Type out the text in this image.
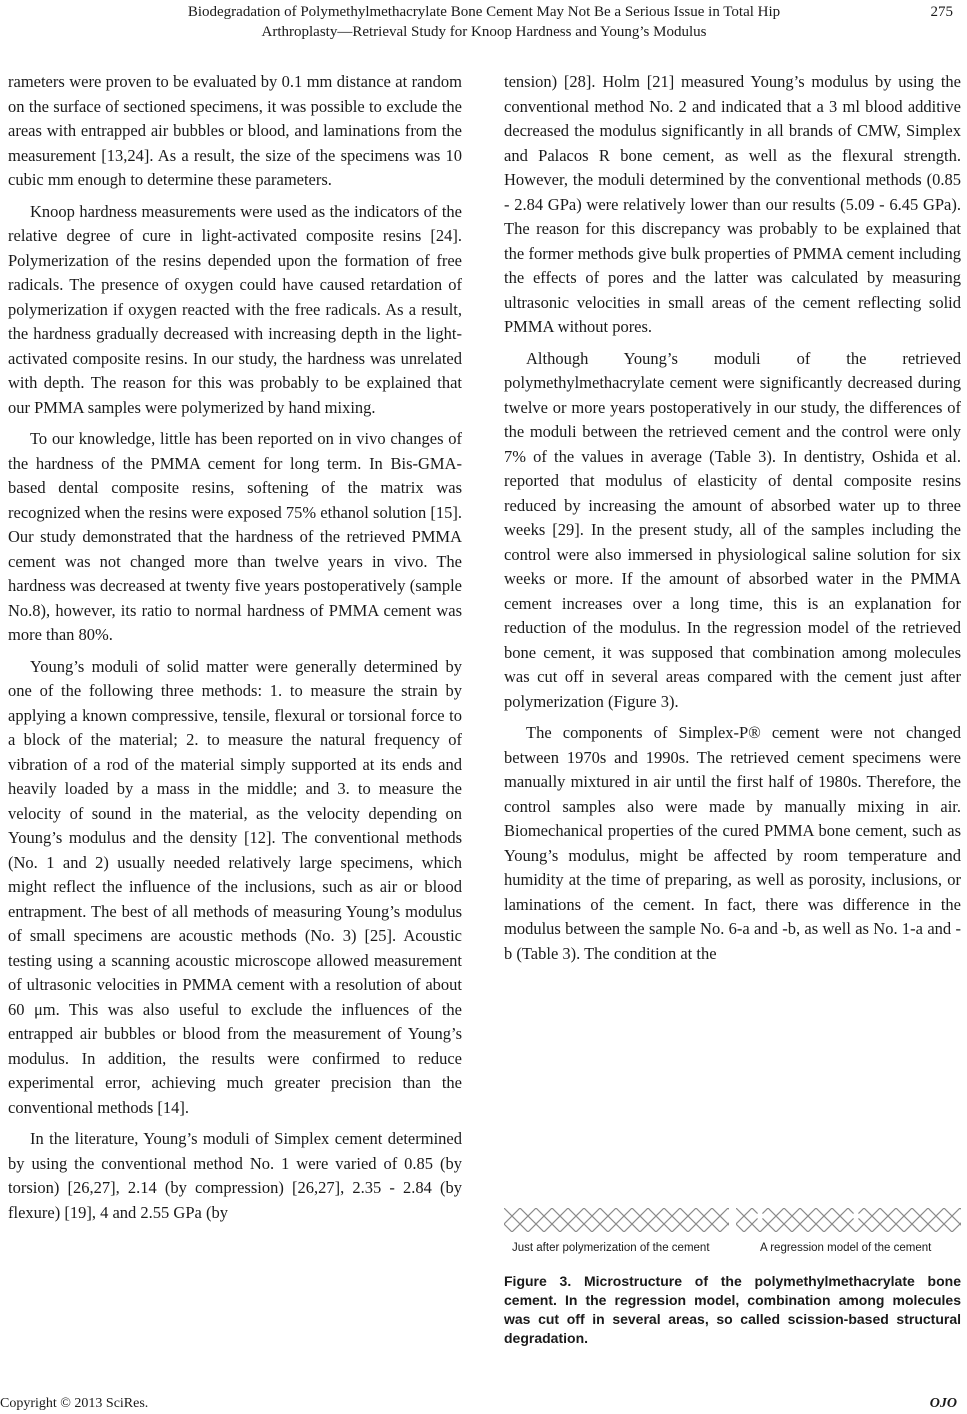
Biodegradation of Polymethylmethacrylate Bone Cement May Not Be a Serious Issue in Total Hip
Arthroplasty—Retrieval Study for Knoop Hardness and Young’s Modulus
275

rameters were proven to be evaluated by 0.1 mm distance at random on the surface of sectioned specimens, it was possible to exclude the areas with entrapped air bubbles or blood, and laminations from the measurement [13,24]. As a result, the size of the specimens was 10 cubic mm enough to determine these parameters.

Knoop hardness measurements were used as the indicators of the relative degree of cure in light-activated composite resins [24]. Polymerization of the resins depended upon the formation of free radicals. The presence of oxygen could have caused retardation of polymerization if oxygen reacted with the free radicals. As a result, the hardness gradually decreased with increasing depth in the light-activated composite resins. In our study, the hardness was unrelated with depth. The reason for this was probably to be explained that our PMMA samples were polymerized by hand mixing.

To our knowledge, little has been reported on in vivo changes of the hardness of the PMMA cement for long term. In Bis-GMA-based dental composite resins, softening of the matrix was recognized when the resins were exposed 75% ethanol solution [15]. Our study demonstrated that the hardness of the retrieved PMMA cement was not changed more than twelve years in vivo. The hardness was decreased at twenty five years postoperatively (sample No.8), however, its ratio to normal hardness of PMMA cement was more than 80%.

Young’s moduli of solid matter were generally determined by one of the following three methods: 1. to measure the strain by applying a known compressive, tensile, flexural or torsional force to a block of the material; 2. to measure the natural frequency of vibration of a rod of the material simply supported at its ends and heavily loaded by a mass in the middle; and 3. to measure the velocity of sound in the material, as the velocity depending on Young’s modulus and the density [12]. The conventional methods (No. 1 and 2) usually needed relatively large specimens, which might reflect the influence of the inclusions, such as air or blood entrapment. The best of all methods of measuring Young’s modulus of small specimens are acoustic methods (No. 3) [25]. Acoustic testing using a scanning acoustic microscope allowed measurement of ultrasonic velocities in PMMA cement with a resolution of about 60 μm. This was also useful to exclude the influences of the entrapped air bubbles or blood from the measurement of Young’s modulus. In addition, the results were confirmed to reduce experimental error, achieving much greater precision than the conventional methods [14].

In the literature, Young’s moduli of Simplex cement determined by using the conventional method No. 1 were varied of 0.85 (by torsion) [26,27], 2.14 (by compression) [26,27], 2.35 - 2.84 (by flexure) [19], 4 and 2.55 GPa (by

tension) [28]. Holm [21] measured Young’s modulus by using the conventional method No. 2 and indicated that a 3 ml blood additive decreased the modulus significantly in all brands of CMW, Simplex and Palacos R bone cement, as well as the flexural strength. However, the moduli determined by the conventional methods (0.85 - 2.84 GPa) were relatively lower than our results (5.09 - 6.45 GPa). The reason for this discrepancy was probably to be explained that the former methods give bulk properties of PMMA cement including the effects of pores and the latter was calculated by measuring ultrasonic velocities in small areas of the cement reflecting solid PMMA without pores.

Although Young’s moduli of the retrieved polymethylmethacrylate cement were significantly decreased during twelve or more years postoperatively in our study, the differences of the moduli between the retrieved cement and the control were only 7% of the values in average (Table 3). In dentistry, Oshida et al. reported that modulus of elasticity of dental composite resins reduced by increasing the amount of absorbed water up to three weeks [29]. In the present study, all of the samples including the control were also immersed in physiological saline solution for six weeks or more. If the amount of absorbed water in the PMMA cement increases over a long time, this is an explanation for reduction of the modulus. In the regression model of the retrieved bone cement, it was supposed that combination among molecules was cut off in several areas compared with the cement just after polymerization (Figure 3).

The components of Simplex-P® cement were not changed between 1970s and 1990s. The retrieved cement specimens were manually mixtured in air until the first half of 1980s. Therefore, the control samples also were made by manually mixing in air. Biomechanical properties of the cured PMMA bone cement, such as Young’s modulus, might be affected by room temperature and humidity at the time of preparing, as well as porosity, inclusions, or laminations of the cement. In fact, there was difference in the modulus between the sample No. 6-a and -b, as well as No. 1-a and -b (Table 3). The condition at the

Just after polymerization of the cement	A regression model of the cement
Figure 3. Microstructure of the polymethylmethacrylate bone cement. In the regression model, combination among molecules was cut off in several areas, so called scission-based structural degradation.
Copyright © 2013 SciRes.	OJO
